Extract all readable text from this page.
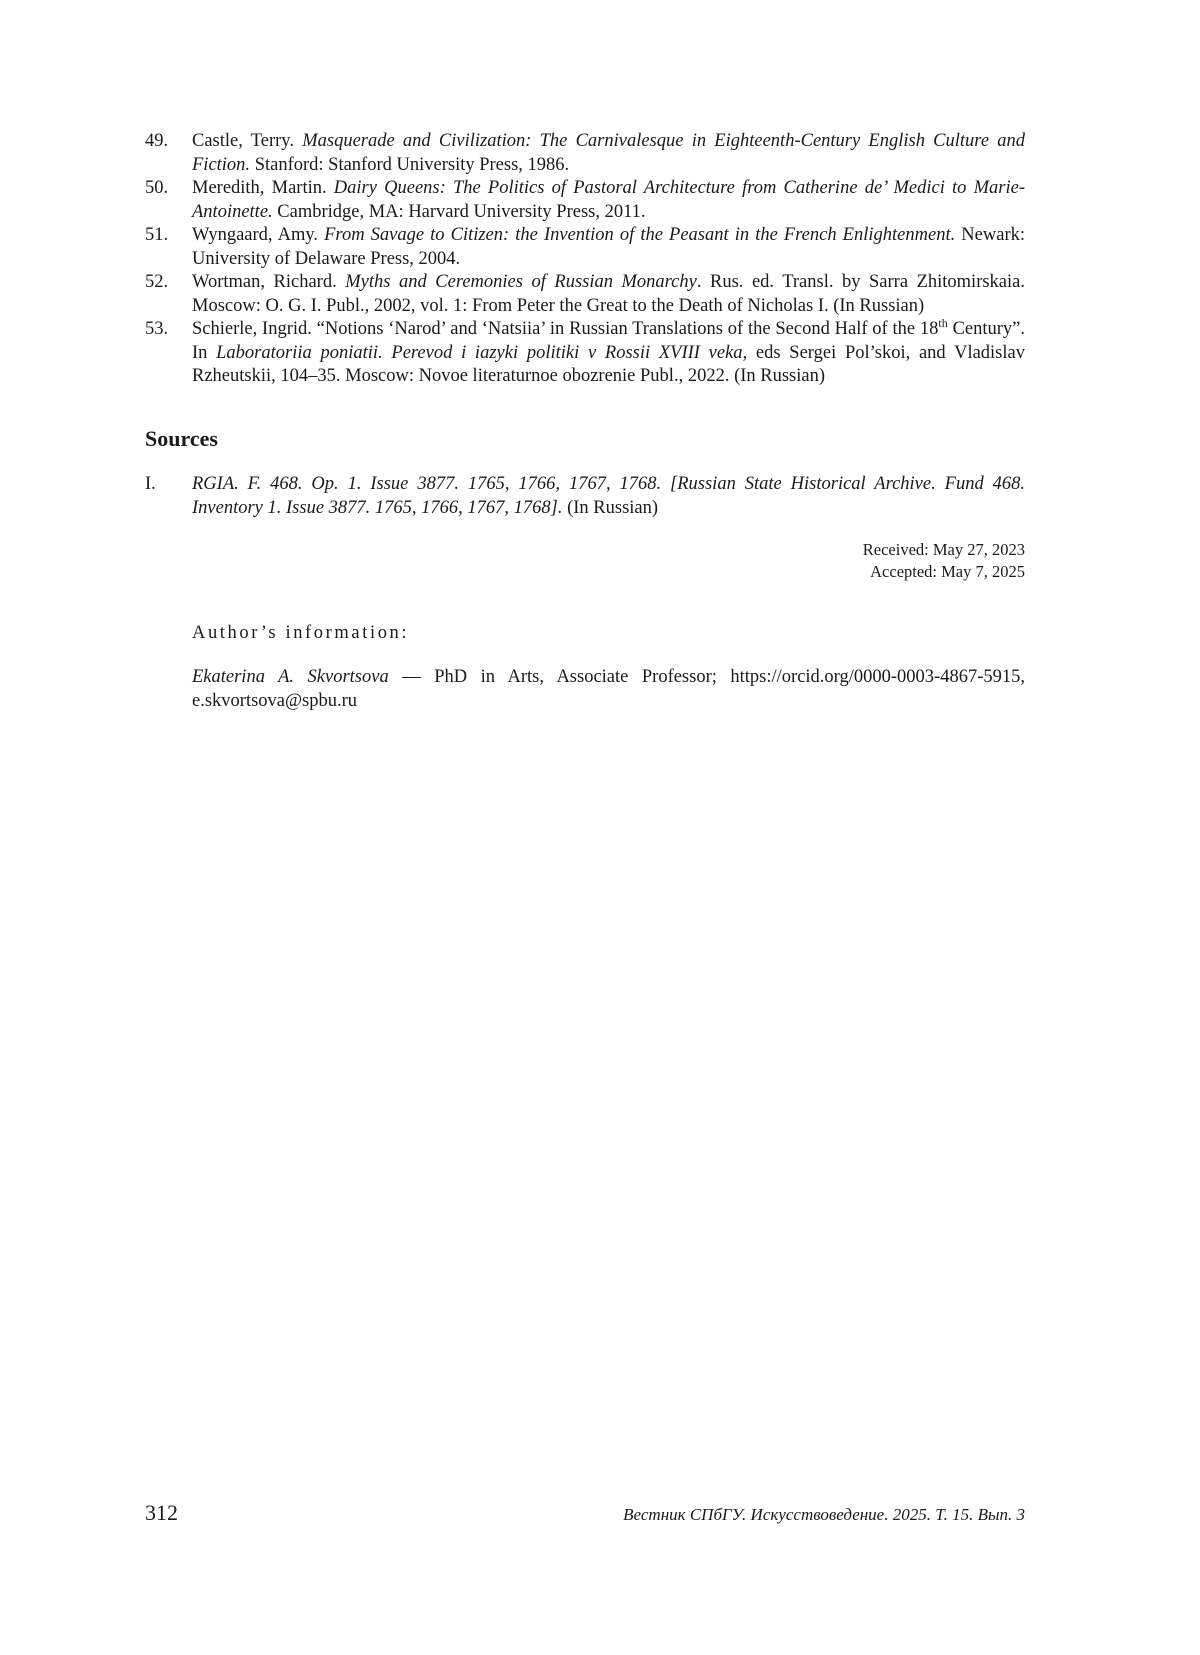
49.	Castle, Terry. Masquerade and Civilization: The Carnivalesque in Eighteenth-Century English Culture and Fiction. Stanford: Stanford University Press, 1986.
50.	Meredith, Martin. Dairy Queens: The Politics of Pastoral Architecture from Catherine de’ Medici to Marie-Antoinette. Cambridge, MA: Harvard University Press, 2011.
51.	Wyngaard, Amy. From Savage to Citizen: the Invention of the Peasant in the French Enlightenment. Newark: University of Delaware Press, 2004.
52.	Wortman, Richard. Myths and Ceremonies of Russian Monarchy. Rus. ed. Transl. by Sarra Zhitomirskaia. Moscow: O. G. I. Publ., 2002, vol. 1: From Peter the Great to the Death of Nicholas I. (In Russian)
53.	Schierle, Ingrid. “Notions ‘Narod’ and ‘Natsiia’ in Russian Translations of the Second Half of the 18th Century”. In Laboratoriia poniatii. Perevod i iazyki politiki v Rossii XVIII veka, eds Sergei Pol’skoi, and Vladislav Rzheutskii, 104–35. Moscow: Novoe literaturnoe obozrenie Publ., 2022. (In Russian)
Sources
I.	RGIA. F. 468. Op. 1. Issue 3877. 1765, 1766, 1767, 1768. [Russian State Historical Archive. Fund 468. Inventory 1. Issue 3877. 1765, 1766, 1767, 1768]. (In Russian)
Received: May 27, 2023
Accepted: May 7, 2025
Author’s information:
Ekaterina A. Skvortsova — PhD in Arts, Associate Professor; https://orcid.org/0000-0003-4867-5915, e.skvortsova@spbu.ru
312	Вестник СПбГУ. Искусствоведение. 2025. Т. 15. Вып. 3
